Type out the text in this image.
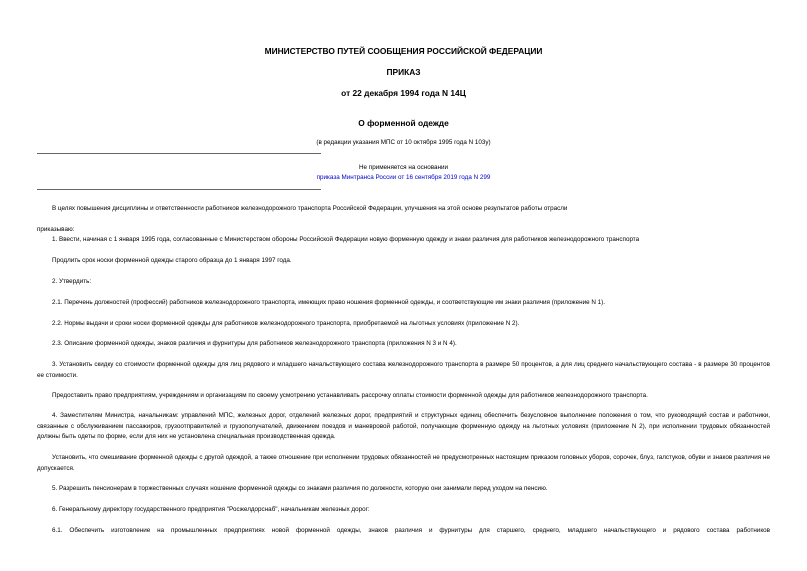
МИНИСТЕРСТВО ПУТЕЙ СООБЩЕНИЯ РОССИЙСКОЙ ФЕДЕРАЦИИ
ПРИКАЗ
от 22 декабря 1994 года N 14Ц
О форменной одежде
(в редакции указания МПС от 10 октября 1995 года N 103у)
Не применяется на основании
приказа Минтранса России от 16 сентября 2019 года N 299
В целях повышения дисциплины и ответственности работников железнодорожного транспорта Российской Федерации, улучшения на этой основе результатов работы отрасли
приказываю:
1. Ввести, начиная с 1 января 1995 года, согласованные с Министерством обороны Российской Федерации новую форменную одежду и знаки различия для работников железнодорожного транспорта
Продлить срок носки форменной одежды старого образца до 1 января 1997 года.
2. Утвердить:
2.1. Перечень должностей (профессий) работников железнодорожного транспорта, имеющих право ношения форменной одежды, и соответствующие им знаки различия (приложение N 1).
2.2. Нормы выдачи и сроки носки форменной одежды для работников железнодорожного транспорта, приобретаемой на льготных условиях (приложение N 2).
2.3. Описание форменной одежды, знаков различия и фурнитуры для работников железнодорожного транспорта (приложения N 3 и N 4).
3. Установить скидку со стоимости форменной одежды для лиц рядового и младшего начальствующего состава железнодорожного транспорта в размере 50 процентов, а для лиц среднего начальствующего состава - в размере 30 процентов ее стоимости.
Предоставить право предприятиям, учреждениям и организациям по своему усмотрению устанавливать рассрочку оплаты стоимости форменной одежды для работников железнодорожного транспорта.
4. Заместителям Министра, начальникам: управлений МПС, железных дорог, отделений железных дорог, предприятий и структурных единиц обеспечить безусловное выполнение положения о том, что руководящий состав и работники, связанные с обслуживанием пассажиров, грузоотправителей и грузополучателей, движением поездов и маневровой работой, получающие форменную одежду на льготных условиях (приложение N 2), при исполнении трудовых обязанностей должны быть одеты по форме, если для них не установлена специальная производственная одежда.
Установить, что смешивание форменной одежды с другой одеждой, а также отношение при исполнении трудовых обязанностей не предусмотренных настоящим приказом головных уборов, сорочек, блуз, галстуков, обуви и знаков различия не допускается.
5. Разрешить пенсионерам в торжественных случаях ношение форменной одежды со знаками различия по должности, которую они занимали перед уходом на пенсию.
6. Генеральному директору государственного предприятия "Росжелдорснаб", начальникам железных дорог:
6.1. Обеспечить изготовление на промышленных предприятиях новой форменной одежды, знаков различия и фурнитуры для старшего, среднего, младшего начальствующего и рядового состава работников
